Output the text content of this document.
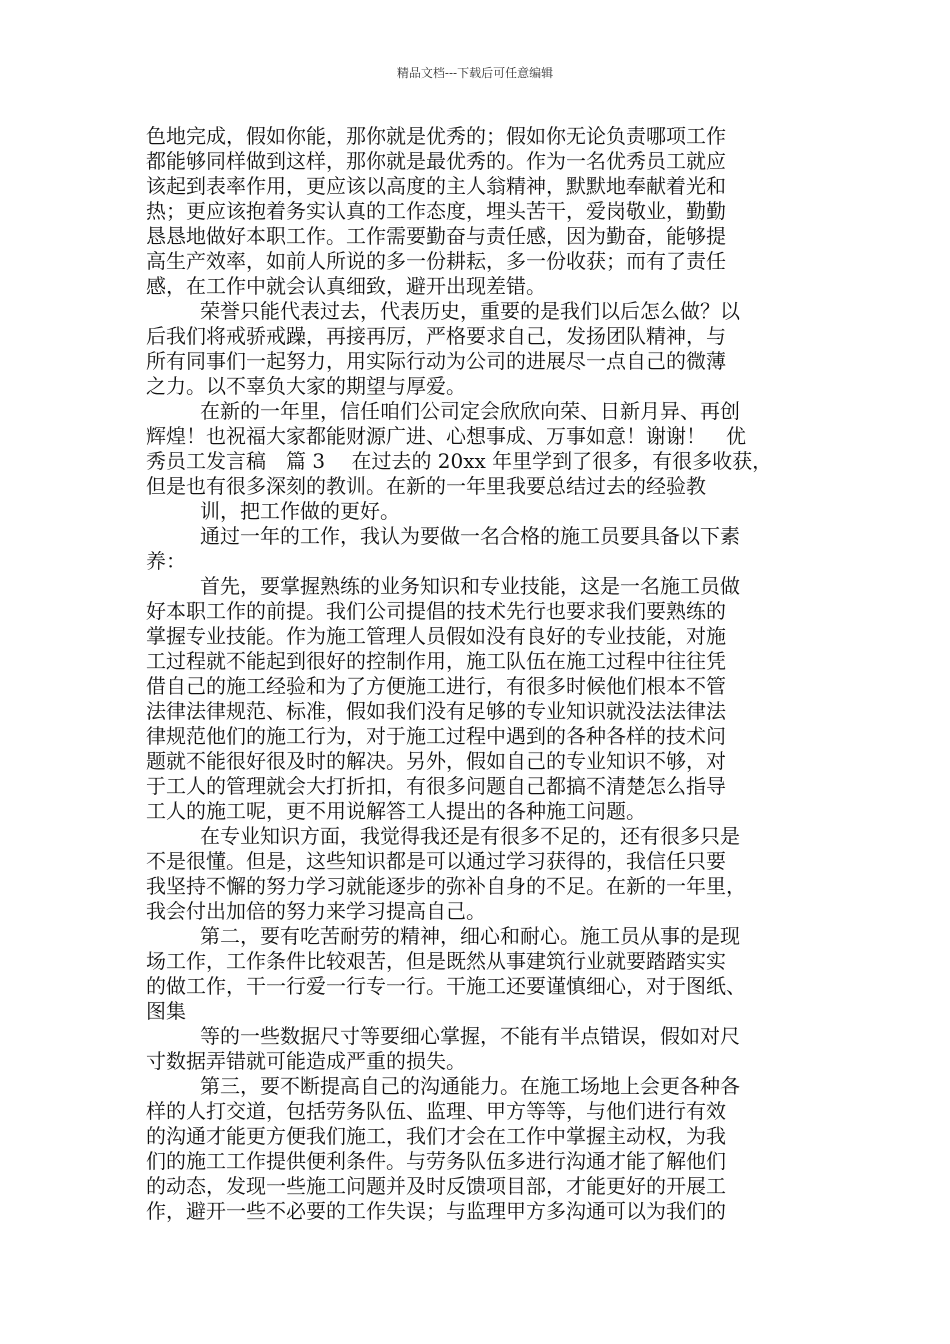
精品文档---下载后可任意编辑
色地完成，假如你能，那你就是优秀的；假如你无论负责哪项工作
都能够同样做到这样，那你就是最优秀的。作为一名优秀员工就应
该起到表率作用，更应该以高度的主人翁精神，默默地奉献着光和
热；更应该抱着务实认真的工作态度，埋头苦干，爱岗敬业，勤勤
恳恳地做好本职工作。工作需要勤奋与责任感，因为勤奋，能够提
高生产效率，如前人所说的多一份耕耘，多一份收获；而有了责任
感，在工作中就会认真细致，避开出现差错。
荣誉只能代表过去，代表历史，重要的是我们以后怎么做？以
后我们将戒骄戒躁，再接再厉，严格要求自己，发扬团队精神，与
所有同事们一起努力，用实际行动为公司的进展尽一点自己的微薄
之力。以不辜负大家的期望与厚爱。
在新的一年里，信任咱们公司定会欣欣向荣、日新月异、再创
辉煌！也祝福大家都能财源广进、心想事成、万事如意！谢谢！　优
秀员工发言稿　篇 3　 在过去的 20xx 年里学到了很多，有很多收获，
但是也有很多深刻的教训。在新的一年里我要总结过去的经验教
训，把工作做的更好。
通过一年的工作，我认为要做一名合格的施工员要具备以下素
养：
首先，要掌握熟练的业务知识和专业技能，这是一名施工员做
好本职工作的前提。我们公司提倡的技术先行也要求我们要熟练的
掌握专业技能。作为施工管理人员假如没有良好的专业技能，对施
工过程就不能起到很好的控制作用，施工队伍在施工过程中往往凭
借自己的施工经验和为了方便施工进行，有很多时候他们根本不管
法律法律规范、标准，假如我们没有足够的专业知识就没法法律法
律规范他们的施工行为，对于施工过程中遇到的各种各样的技术问
题就不能很好很及时的解决。另外，假如自己的专业知识不够，对
于工人的管理就会大打折扣，有很多问题自己都搞不清楚怎么指导
工人的施工呢，更不用说解答工人提出的各种施工问题。
在专业知识方面，我觉得我还是有很多不足的，还有很多只是
不是很懂。但是，这些知识都是可以通过学习获得的，我信任只要
我坚持不懈的努力学习就能逐步的弥补自身的不足。在新的一年里，
我会付出加倍的努力来学习提高自己。
第二，要有吃苦耐劳的精神，细心和耐心。施工员从事的是现
场工作，工作条件比较艰苦，但是既然从事建筑行业就要踏踏实实
的做工作，干一行爱一行专一行。干施工还要谨慎细心，对于图纸、
图集
等的一些数据尺寸等要细心掌握，不能有半点错误，假如对尺
寸数据弄错就可能造成严重的损失。
第三，要不断提高自己的沟通能力。在施工场地上会更各种各
样的人打交道，包括劳务队伍、监理、甲方等等，与他们进行有效
的沟通才能更方便我们施工，我们才会在工作中掌握主动权，为我
们的施工工作提供便利条件。与劳务队伍多进行沟通才能了解他们
的动态，发现一些施工问题并及时反馈项目部，才能更好的开展工
作，避开一些不必要的工作失误；与监理甲方多沟通可以为我们的
